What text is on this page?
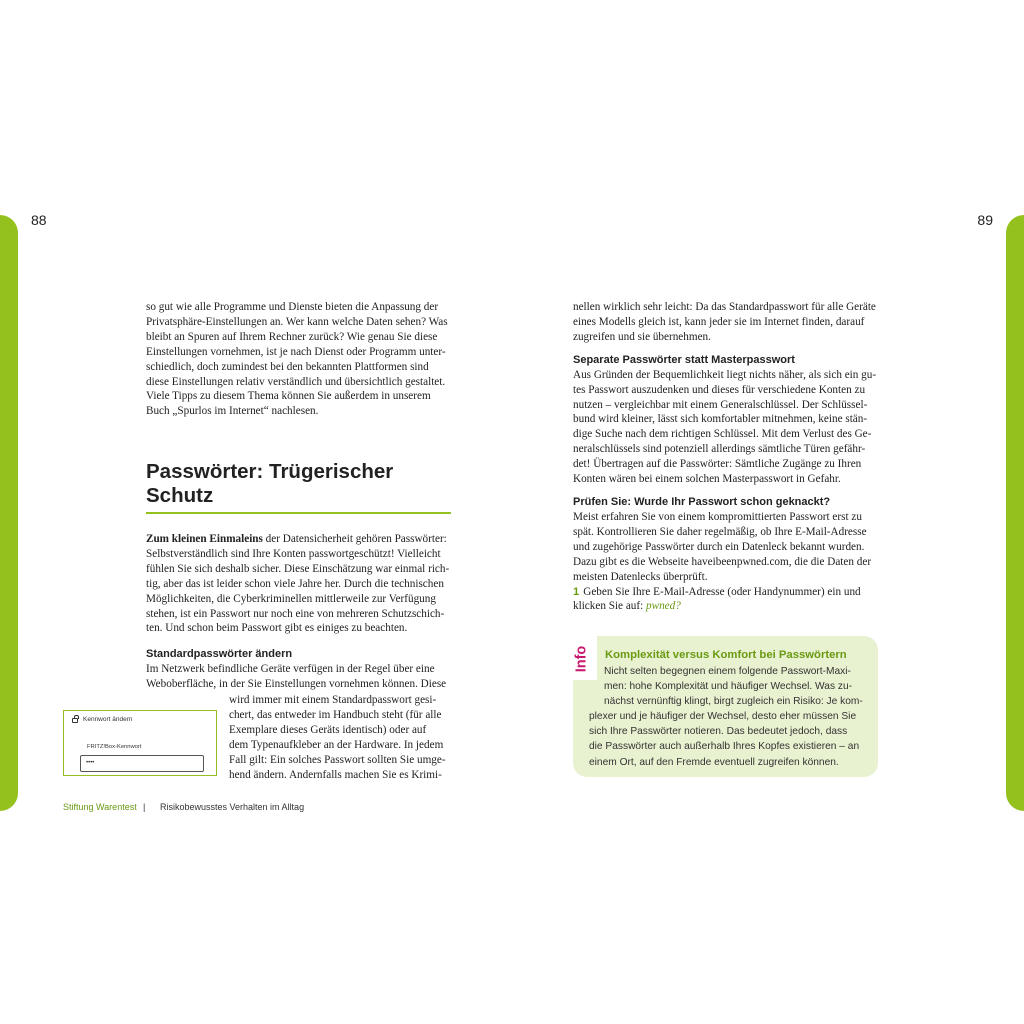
88	89

so gut wie alle Programme und Dienste bieten die Anpassung der

Privatsphäre-Einstellungen an. Wer kann welche Daten sehen? Was

bleibt an Spuren auf Ihrem Rechner zurück? Wie genau Sie diese

Einstellungen vornehmen, ist je nach Dienst oder Programm unter-

schiedlich, doch zumindest bei den bekannten Plattformen sind

diese Einstellungen relativ verständlich und übersichtlich gestaltet.

Viele Tipps zu diesem Thema können Sie außerdem in unserem

Buch „Spurlos im Internet“ nachlesen.

Passwörter: Trügerischer
Schutz

Zum kleinen Einmaleins der Datensicherheit gehören Passwörter:

Selbstverständlich sind Ihre Konten passwortgeschützt! Vielleicht

fühlen Sie sich deshalb sicher. Diese Einschätzung war einmal rich-

tig, aber das ist leider schon viele Jahre her. Durch die technischen

Möglichkeiten, die Cyberkriminellen mittlerweile zur Verfügung

stehen, ist ein Passwort nur noch eine von mehreren Schutzschich-

ten. Und schon beim Passwort gibt es einiges zu beachten.

Standardpasswörter ändern

Im Netzwerk befindliche Geräte verfügen in der Regel über eine

Weboberfläche, in der Sie Einstellungen vornehmen können. Diese

wird immer mit einem Standardpasswort gesi-

chert, das entweder im Handbuch steht (für alle

Exemplare dieses Geräts identisch) oder auf

dem Typenaufkleber an der Hardware. In jedem

Fall gilt: Ein solches Passwort sollten Sie umge-

hend ändern. Andernfalls machen Sie es Krimi-

Kennwort ändern
FRITZ!Box-Kennwort
••••
Stiftung Warentest | Risikobewusstes Verhalten im Alltag

nellen wirklich sehr leicht: Da das Standardpasswort für alle Geräte

eines Modells gleich ist, kann jeder sie im Internet finden, darauf

zugreifen und sie übernehmen.

Separate Passwörter statt Masterpasswort

Aus Gründen der Bequemlichkeit liegt nichts näher, als sich ein gu-

tes Passwort auszudenken und dieses für verschiedene Konten zu

nutzen – vergleichbar mit einem Generalschlüssel. Der Schlüssel-

bund wird kleiner, lässt sich komfortabler mitnehmen, keine stän-

dige Suche nach dem richtigen Schlüssel. Mit dem Verlust des Ge-

neralschlüssels sind potenziell allerdings sämtliche Türen gefähr-

det! Übertragen auf die Passwörter: Sämtliche Zugänge zu Ihren

Konten wären bei einem solchen Masterpasswort in Gefahr.

Prüfen Sie: Wurde Ihr Passwort schon geknackt?

Meist erfahren Sie von einem kompromittierten Passwort erst zu

spät. Kontrollieren Sie daher regelmäßig, ob Ihre E-Mail-Adresse

und zugehörige Passwörter durch ein Datenleck bekannt wurden.

Dazu gibt es die Webseite haveibeenpwned.com, die die Daten der

meisten Datenlecks überprüft.

1 Geben Sie Ihre E-Mail-Adresse (oder Handynummer) ein und

klicken Sie auf: pwned?

Info Komplexität versus Komfort bei Passwörtern
Nicht selten begegnen einem folgende Passwort-Maxi-
men: hohe Komplexität und häufiger Wechsel. Was zu-
nächst vernünftig klingt, birgt zugleich ein Risiko: Je kom-
plexer und je häufiger der Wechsel, desto eher müssen Sie
sich Ihre Passwörter notieren. Das bedeutet jedoch, dass
die Passwörter auch außerhalb Ihres Kopfes existieren – an
einem Ort, auf den Fremde eventuell zugreifen können.
